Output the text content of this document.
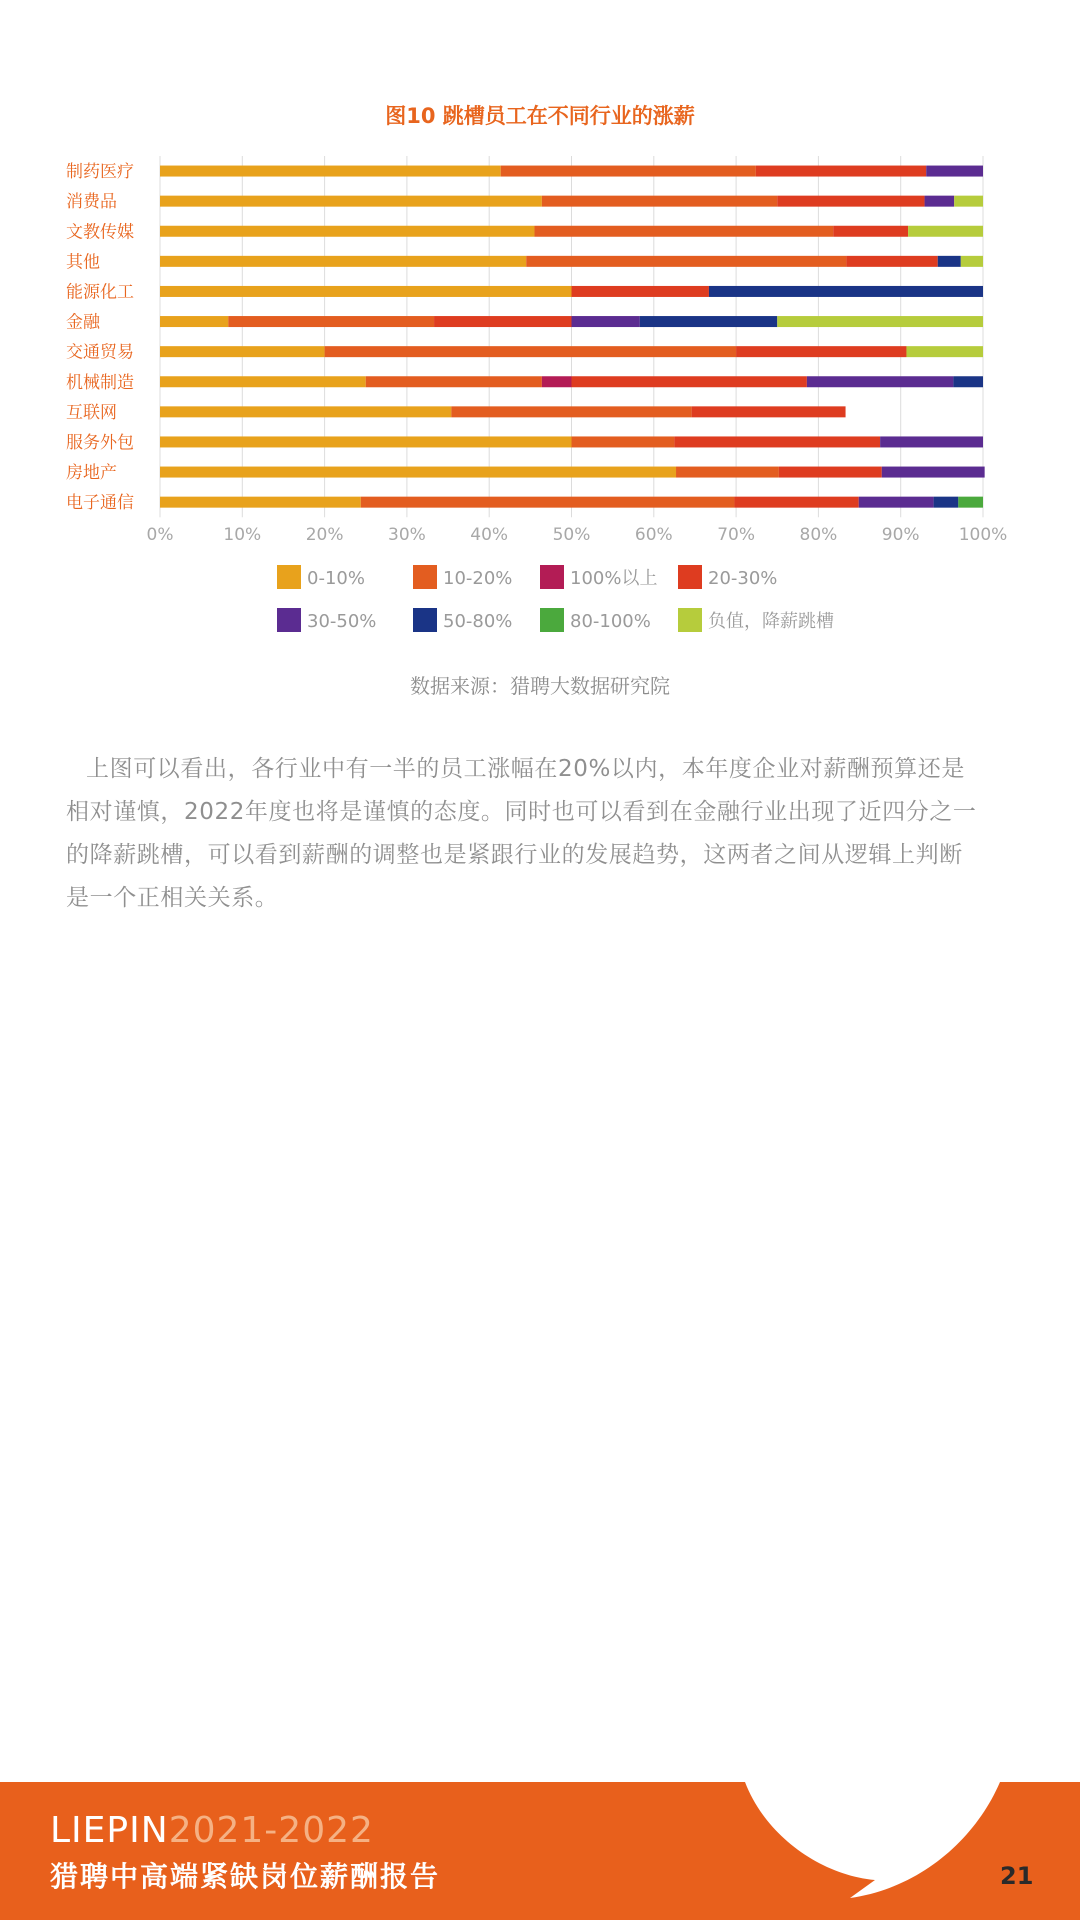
图10 跳槽员工在不同行业的涨薪
制药医疗
消费品
文教传媒
其他
能源化工
金融
交通贸易
机械制造
互联网
服务外包
房地产
电子通信
0%	10%	20%	30%	40%	50%	60%	70%	80%	90% 100%
0-10%	10-20%	100%以上	20-30%
30-50%	50-80%	80-100%	负值，降薪跳槽
数据来源：猎聘大数据研究院

上图可以看出，各行业中有一半的员工涨幅在20%以内，本年度企业对薪酬预算还是相对谨慎，2022年度也将是谨慎的态度。同时也可以看到在金融行业出现了近四分之一的降薪跳槽，可以看到薪酬的调整也是紧跟行业的发展趋势，这两者之间从逻辑上判断是一个正相关关系。

LIEPIN2021-2022
猎聘中高端紧缺岗位薪酬报告	21
